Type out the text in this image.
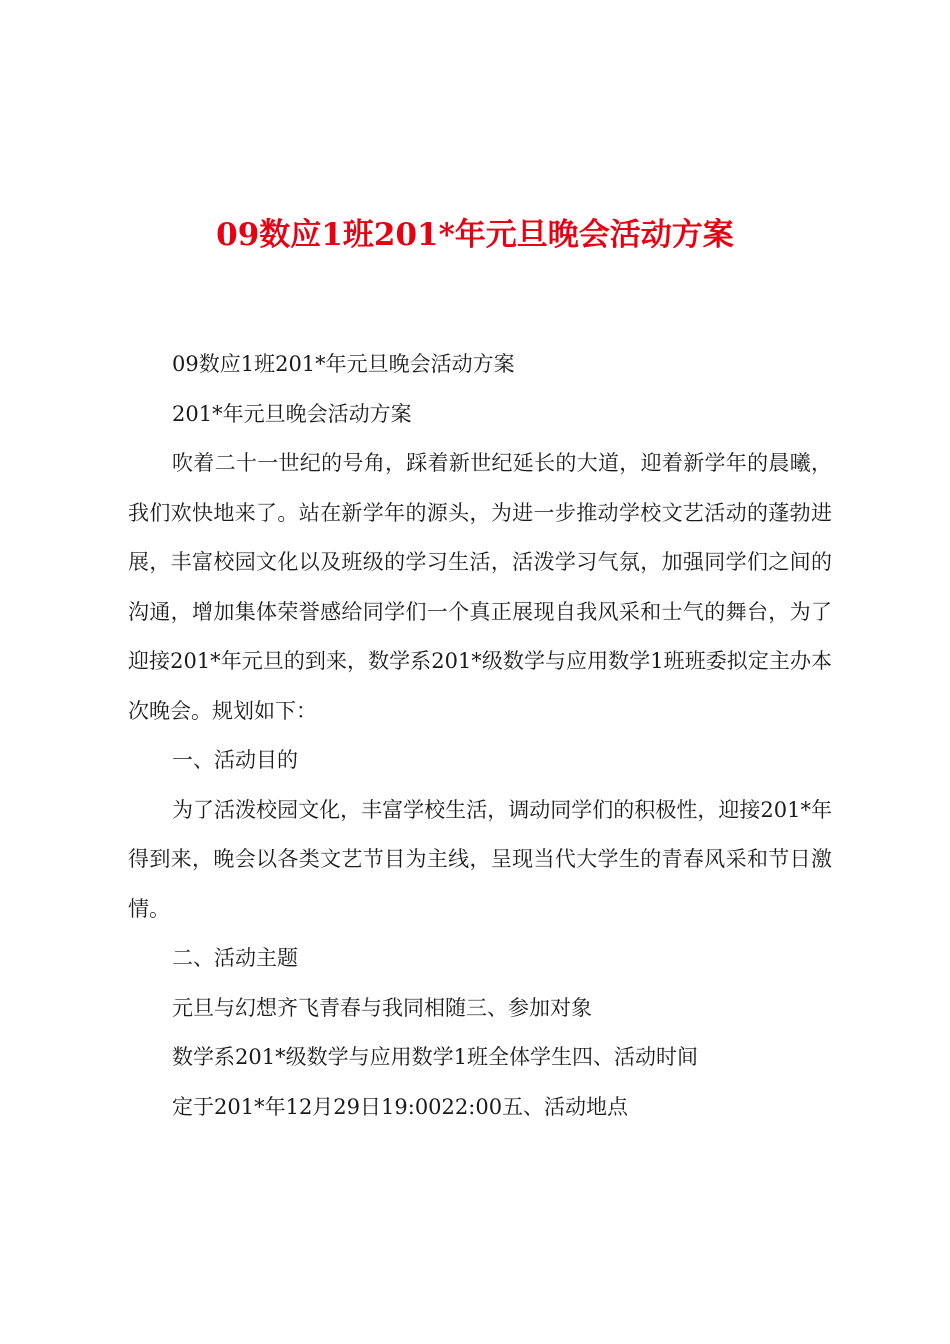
09数应1班201*年元旦晚会活动方案

09数应1班201*年元旦晚会活动方案

201*年元旦晚会活动方案

吹着二十一世纪的号角，踩着新世纪延长的大道，迎着新学年的晨曦，我们欢快地来了。站在新学年的源头，为进一步推动学校文艺活动的蓬勃进展，丰富校园文化以及班级的学习生活，活泼学习气氛，加强同学们之间的沟通，增加集体荣誉感给同学们一个真正展现自我风采和士气的舞台，为了迎接201*年元旦的到来，数学系201*级数学与应用数学1班班委拟定主办本次晚会。规划如下：

一、活动目的

为了活泼校园文化，丰富学校生活，调动同学们的积极性，迎接201*年得到来，晚会以各类文艺节目为主线，呈现当代大学生的青春风采和节日激情。

二、活动主题

元旦与幻想齐飞青春与我同相随三、参加对象

数学系201*级数学与应用数学1班全体学生四、活动时间

定于201*年12月29日19:0022:00五、活动地点
